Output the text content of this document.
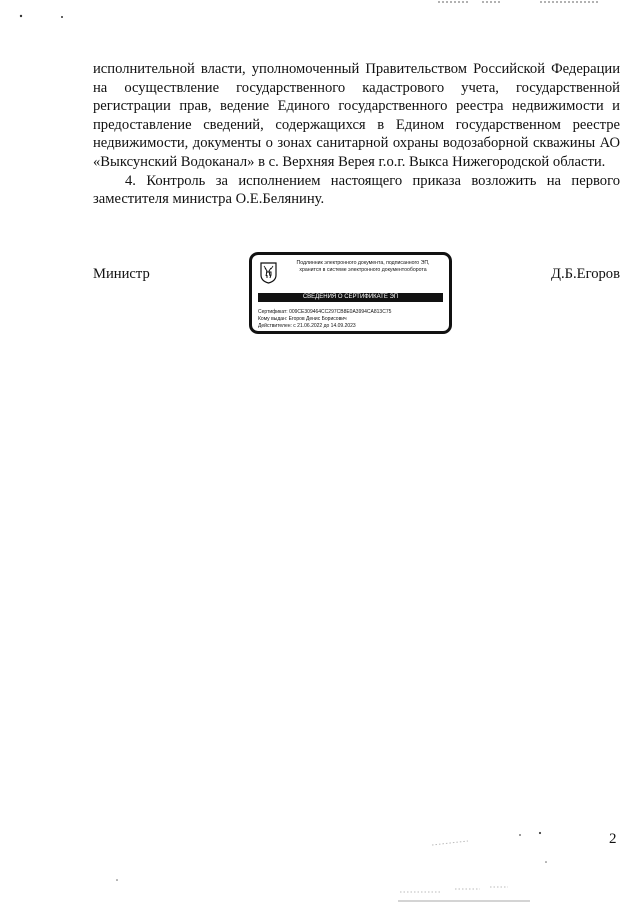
исполнительной власти, уполномоченный Правительством Российской Федерации на осуществление государственного кадастрового учета, государственной регистрации прав, ведение Единого государственного реестра недвижимости и предоставление сведений, содержащихся в Едином государственном реестре недвижимости, документы о зонах санитарной охраны водозаборной скважины АО «Выксунский Водоканал» в с. Верхняя Верея г.о.г. Выкса Нижегородской области.

4. Контроль за исполнением настоящего приказа возложить на первого заместителя министра О.Е.Белянину.

Министр	Д.Б.Егоров
Подлинник электронного документа, подписанного ЭП,
хранится в системе электронного документооборота
СВЕДЕНИЯ О СЕРТИФИКАТЕ ЭП
Сертификат: 009CE309464CC297CB8E0A3994CA813C75
Кому выдан: Егоров Денис Борисович
Действителен: с 21.06.2022 до 14.09.2023
2
